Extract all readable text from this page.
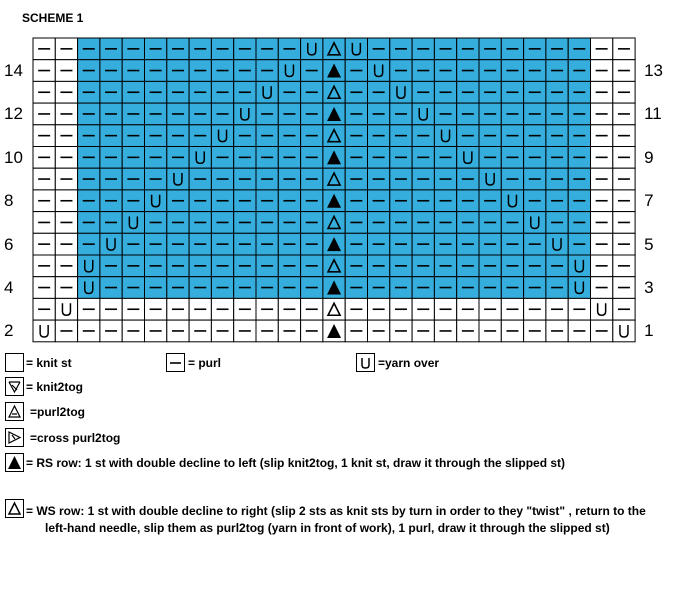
SCHEME 1
14	13
12	11
10	9
8	7
6	5
4	3
2	1
= knit st	= purl	=yarn over
= knit2tog
=purl2tog
=cross purl2tog
= RS row: 1 st with double decline to left (slip knit2tog, 1 knit st, draw it through the slipped st)
= WS row: 1 st with double decline to right (slip 2 sts as knit sts by turn in order to they "twist" , return to the
left-hand needle, slip them as purl2tog (yarn in front of work), 1 purl, draw it through the slipped st)
